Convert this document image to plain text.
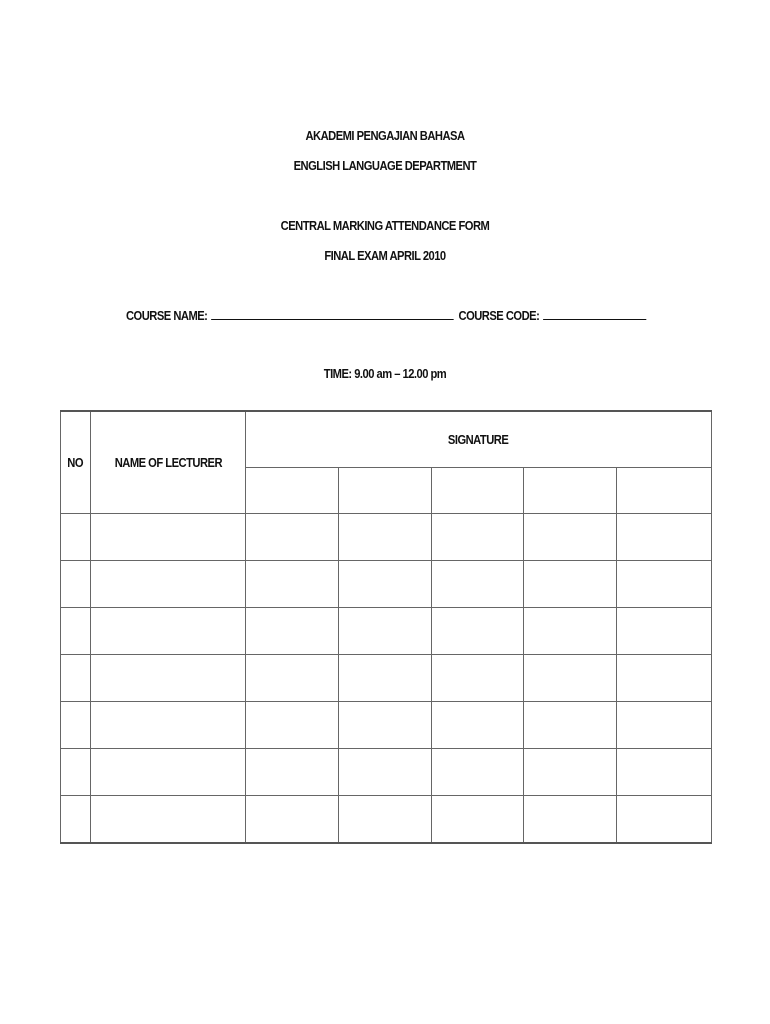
AKADEMI PENGAJIAN BAHASA
ENGLISH LANGUAGE DEPARTMENT
CENTRAL MARKING ATTENDANCE FORM
FINAL EXAM APRIL 2010
COURSE NAME:	COURSE CODE:
TIME: 9.00 am – 12.00 pm
NO	NAME OF LECTURER	SIGNATURE				
